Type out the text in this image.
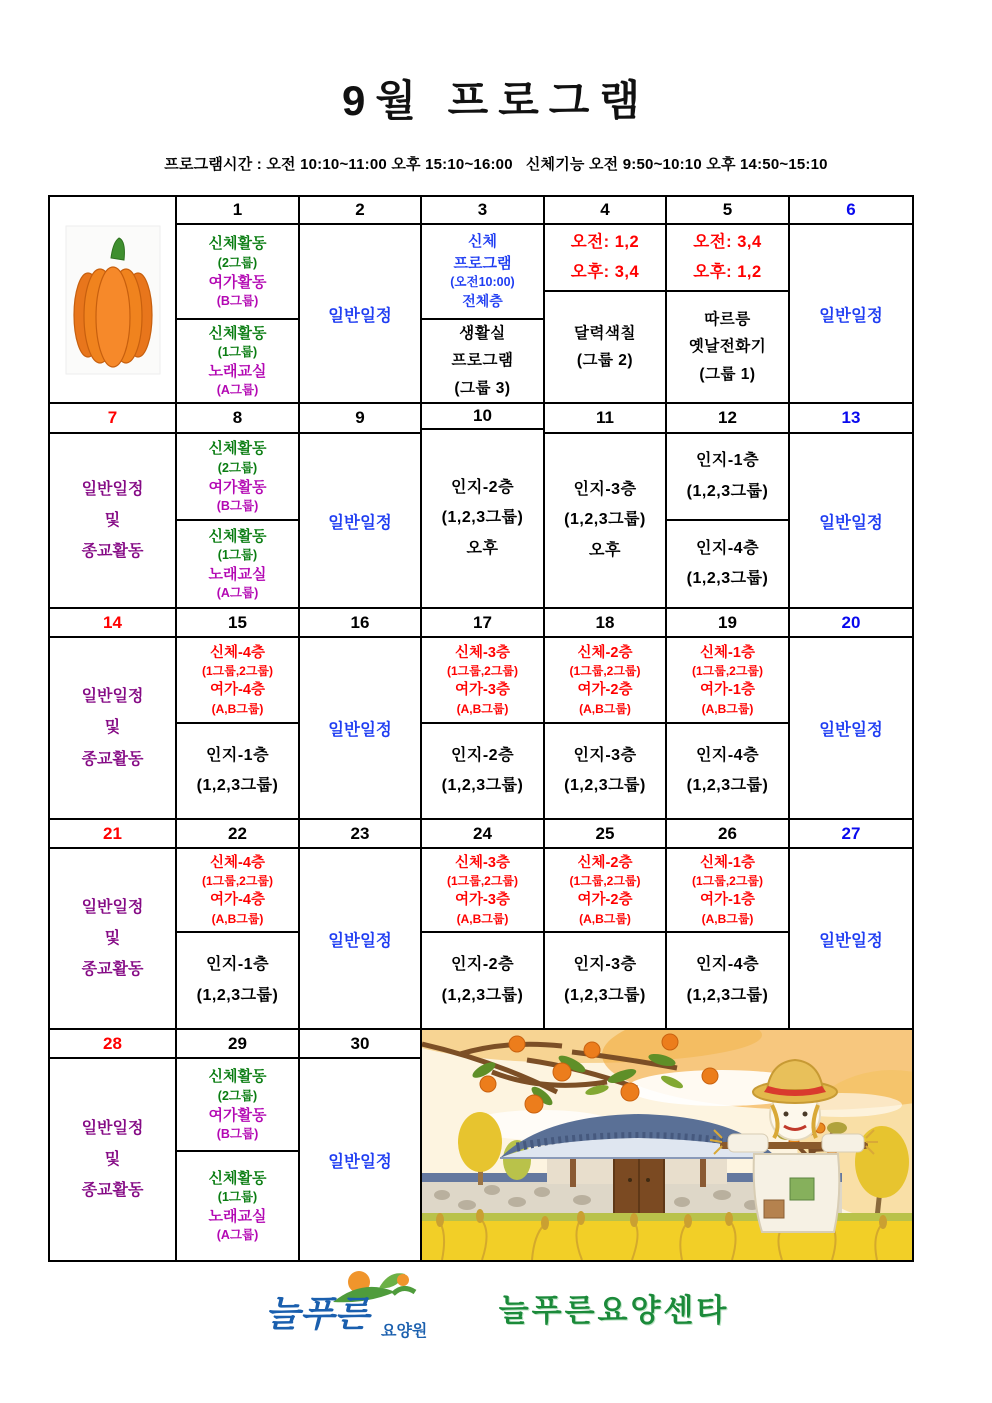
9월 프로그램
프로그램시간 : 오전 10:10~11:00 오후 15:10~16:00   신체기능 오전 9:50~10:10 오후 14:50~15:10
1
신체활동
(2그룹)
여가활동
(B그룹)
신체활동
(1그룹)
노래교실
(A그룹)
2
일반일정
3
신체
프로그램
(오전10:00)
전체층
생활실
프로그램
(그룹 3)
4
오전: 1,2
오후: 3,4
달력색칠
(그룹 2)
5
오전: 3,4
오후: 1,2
따르릉
옛날전화기
(그룹 1)
6
일반일정
7
일반일정
및
종교활동
8
신체활동
(2그룹)
여가활동
(B그룹)
신체활동
(1그룹)
노래교실
(A그룹)
9
일반일정
인지-2층
(1,2,3그룹)
오후
10	11
인지-3층
(1,2,3그룹)
오후
12
인지-1층
(1,2,3그룹)
인지-4층
(1,2,3그룹)
13
일반일정
14
일반일정
및
종교활동
15
신체-4층
(1그룹,2그룹)
여가-4층
(A,B그룹)
인지-1층
(1,2,3그룹)
16
일반일정
17
신체-3층
(1그룹,2그룹)
여가-3층
(A,B그룹)
인지-2층
(1,2,3그룹)
18
신체-2층
(1그룹,2그룹)
여가-2층
(A,B그룹)
인지-3층
(1,2,3그룹)
19
신체-1층
(1그룹,2그룹)
여가-1층
(A,B그룹)
인지-4층
(1,2,3그룹)
20
일반일정
21
일반일정
및
종교활동
22
신체-4층
(1그룹,2그룹)
여가-4층
(A,B그룹)
인지-1층
(1,2,3그룹)
23
일반일정
24
신체-3층
(1그룹,2그룹)
여가-3층
(A,B그룹)
인지-2층
(1,2,3그룹)
25
신체-2층
(1그룹,2그룹)
여가-2층
(A,B그룹)
인지-3층
(1,2,3그룹)
26
신체-1층
(1그룹,2그룹)
여가-1층
(A,B그룹)
인지-4층
(1,2,3그룹)
27
일반일정
28
일반일정
및
종교활동
29
신체활동
(2그룹)
여가활동
(B그룹)
신체활동
(1그룹)
노래교실
(A그룹)
30
일반일정
늘푸른 요양원
늘푸른요양센타
